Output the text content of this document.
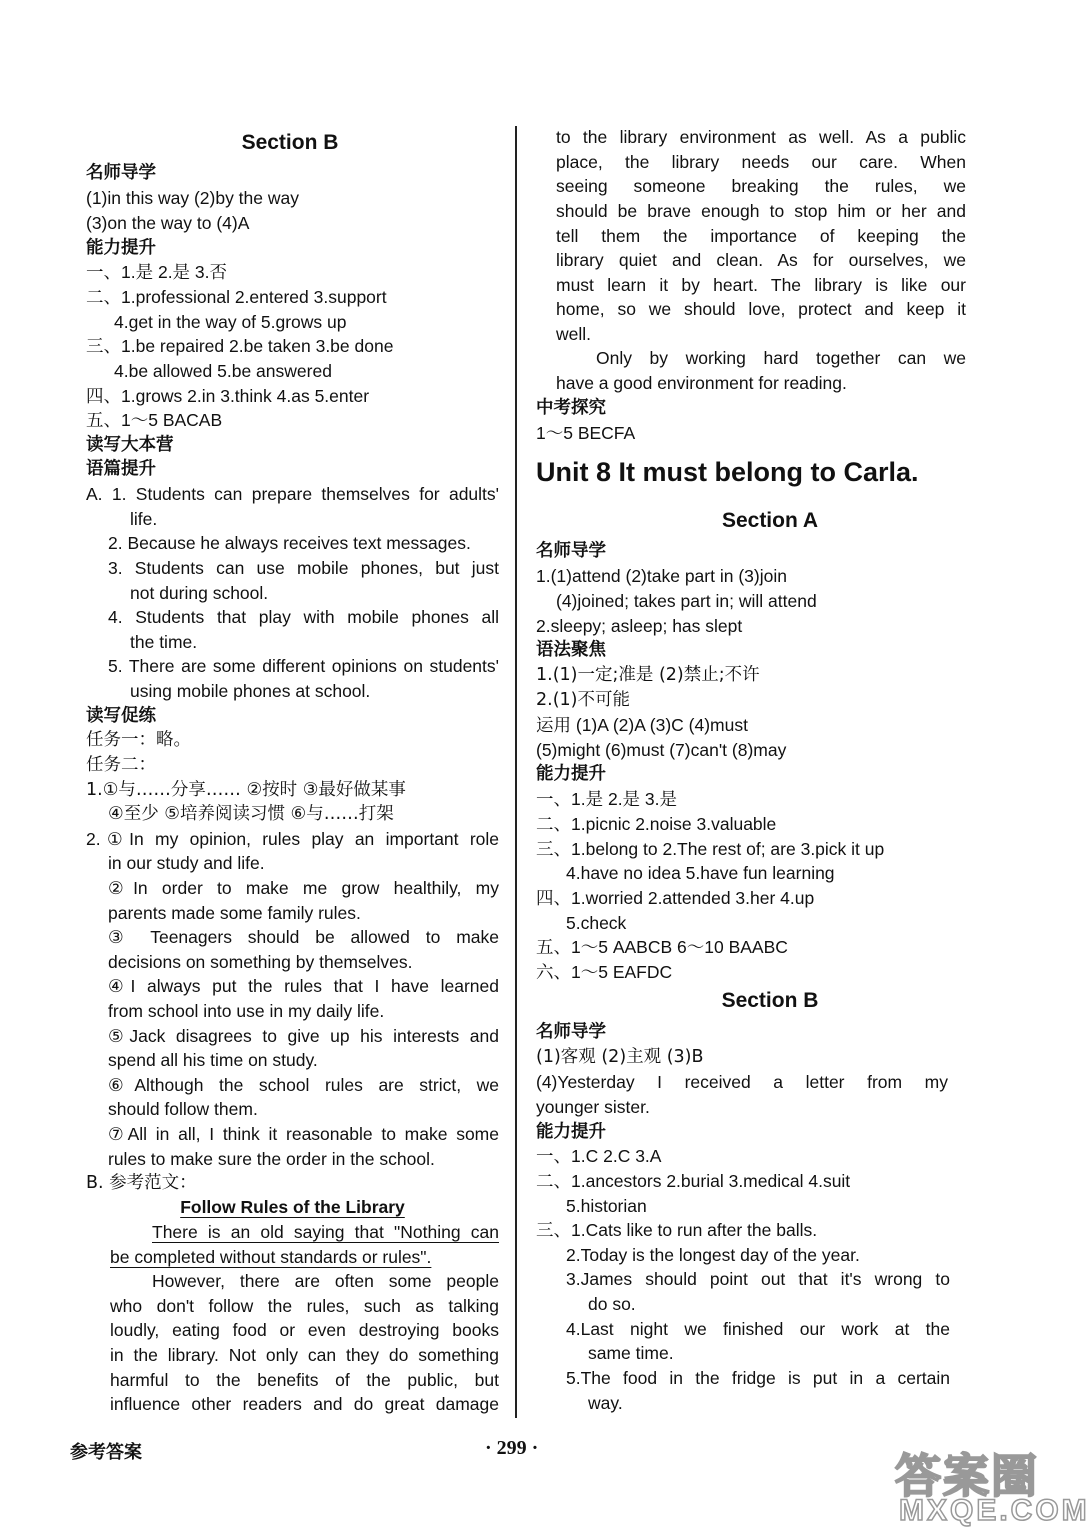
Section B
名师导学
(1)in this way (2)by the way
(3)on the way to (4)A
能力提升
一、1.是 2.是 3.否
二、1.professional 2.entered 3.support
4.get in the way of 5.grows up
三、1.be repaired 2.be taken 3.be done
4.be allowed 5.be answered
四、1.grows 2.in 3.think 4.as 5.enter
五、1～5 BACAB
读写大本营
语篇提升
A. 1. Students can prepare themselves for adults'
life.
2. Because he always receives text messages.
3. Students can use mobile phones, but just
not during school.
4. Students that play with mobile phones all
the time.
5. There are some different opinions on students'
using mobile phones at school.
读写促练
任务一：略。
任务二：
1.①与……分享…… ②按时 ③最好做某事
④至少 ⑤培养阅读习惯 ⑥与……打架
2.①In my opinion, rules play an important role
in our study and life.
②In order to make me grow healthily, my
parents made some family rules.
③ Teenagers should be allowed to make
decisions on something by themselves.
④I always put the rules that I have learned
from school into use in my daily life.
⑤Jack disagrees to give up his interests and
spend all his time on study.
⑥Although the school rules are strict, we
should follow them.
⑦All in all, I think it reasonable to make some
rules to make sure the order in the school.
B. 参考范文：
Follow Rules of the Library
There is an old saying that "Nothing can
be completed without standards or rules".
However, there are often some people
who don't follow the rules, such as talking
loudly, eating food or even destroying books
in the library. Not only can they do something
harmful to the benefits of the public, but
influence other readers and do great damage
to the library environment as well. As a public
place, the library needs our care. When
seeing someone breaking the rules, we
should be brave enough to stop him or her and
tell them the importance of keeping the
library quiet and clean. As for ourselves, we
must learn it by heart. The library is like our
home, so we should love, protect and keep it
well.
Only by working hard together can we
have a good environment for reading.
中考探究
1～5 BECFA
Unit 8 It must belong to Carla.
Section A
名师导学
1.(1)attend (2)take part in (3)join
(4)joined; takes part in; will attend
2.sleepy; asleep; has slept
语法聚焦
1.(1)一定;准是 (2)禁止;不许
2.(1)不可能
运用 (1)A (2)A (3)C (4)must
(5)might (6)must (7)can't (8)may
能力提升
一、1.是 2.是 3.是
二、1.picnic 2.noise 3.valuable
三、1.belong to 2.The rest of; are 3.pick it up
4.have no idea 5.have fun learning
四、1.worried 2.attended 3.her 4.up
5.check
五、1～5 AABCB 6～10 BAABC
六、1～5 EAFDC
Section B
名师导学
(1)客观 (2)主观 (3)B
(4)Yesterday I received a letter from my
younger sister.
能力提升
一、1.C 2.C 3.A
二、1.ancestors 2.burial 3.medical 4.suit
5.historian
三、1.Cats like to run after the balls.
2.Today is the longest day of the year.
3.James should point out that it's wrong to
do so.
4.Last night we finished our work at the
same time.
5.The food in the fridge is put in a certain
way.
参考答案	· 299 ·
答案圈
MXQE.COM
